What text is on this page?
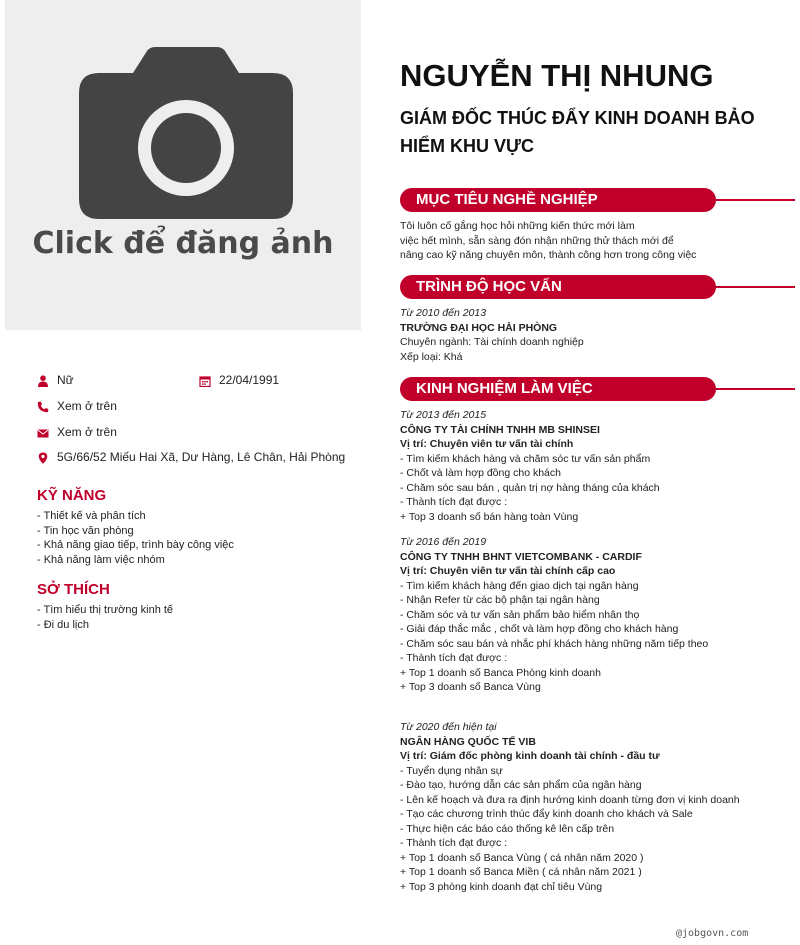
Click để đăng ảnh
Nữ	22/04/1991
Xem ở trên
Xem ở trên
5G/66/52 Miếu Hai Xã, Dư Hàng, Lê Chân, Hải Phòng
KỸ NĂNG
- Thiết kế và phân tích
- Tin học văn phòng
- Khả năng giao tiếp, trình bày công việc
- Khả năng làm việc nhóm
SỞ THÍCH
- Tìm hiểu thị trường kinh tế
- Đi du lịch
NGUYỄN THỊ NHUNG
GIÁM ĐỐC THÚC ĐẨY KINH DOANH BẢO HIỂM KHU VỰC
MỤC TIÊU NGHỀ NGHIỆP
Tôi luôn cố gắng học hỏi những kiến thức mới làm
việc hết mình, sẵn sàng đón nhận những thử thách mới để
nâng cao kỹ năng chuyên môn, thành công hơn trong công việc
TRÌNH ĐỘ HỌC VẤN
Từ 2010 đến 2013
TRƯỜNG ĐẠI HỌC HẢI PHÒNG
Chuyên ngành: Tài chính doanh nghiệp
Xếp loại: Khá
KINH NGHIỆM LÀM VIỆC
Từ 2013 đến 2015
CÔNG TY TÀI CHÍNH TNHH MB SHINSEI
Vị trí: Chuyên viên tư vấn tài chính
- Tìm kiếm khách hàng và chăm sóc tư vấn sản phẩm
- Chốt và làm hợp đồng cho khách
- Chăm sóc sau bán , quản trị nợ hàng tháng của khách
- Thành tích đạt được :
+ Top 3 doanh số bán hàng toàn Vùng
Từ 2016 đến 2019
CÔNG TY TNHH BHNT VIETCOMBANK - CARDIF
Vị trí: Chuyên viên tư vấn tài chính cấp cao
- Tìm kiếm khách hàng đến giao dịch tại ngân hàng
- Nhận Refer từ các bộ phận tại ngân hàng
- Chăm sóc và tư vấn sản phẩm bảo hiểm nhân thọ
- Giải đáp thắc mắc , chốt và làm hợp đồng cho khách hàng
- Chăm sóc sau bán và nhắc phí khách hàng những năm tiếp theo
- Thành tích đạt được :
+ Top 1 doanh số Banca Phòng kinh doanh
+ Top 3 doanh số Banca Vùng
Từ 2020 đến hiện tại
NGÂN HÀNG QUỐC TẾ VIB
Vị trí: Giám đốc phòng kinh doanh tài chính - đầu tư
- Tuyển dụng nhân sự
- Đào tạo, hướng dẫn các sản phẩm của ngân hàng
- Lên kế hoạch và đưa ra định hướng kinh doanh từng đơn vị kinh doanh
- Tạo các chương trình thúc đẩy kinh doanh cho khách và Sale
- Thực hiện các báo cáo thống kê lên cấp trên
- Thành tích đạt được :
+ Top 1 doanh số Banca Vùng ( cá nhân năm 2020 )
+ Top 1 doanh số Banca Miền ( cá nhân năm 2021 )
+ Top 3 phòng kinh doanh đạt chỉ tiêu Vùng
@jobgovn.com
